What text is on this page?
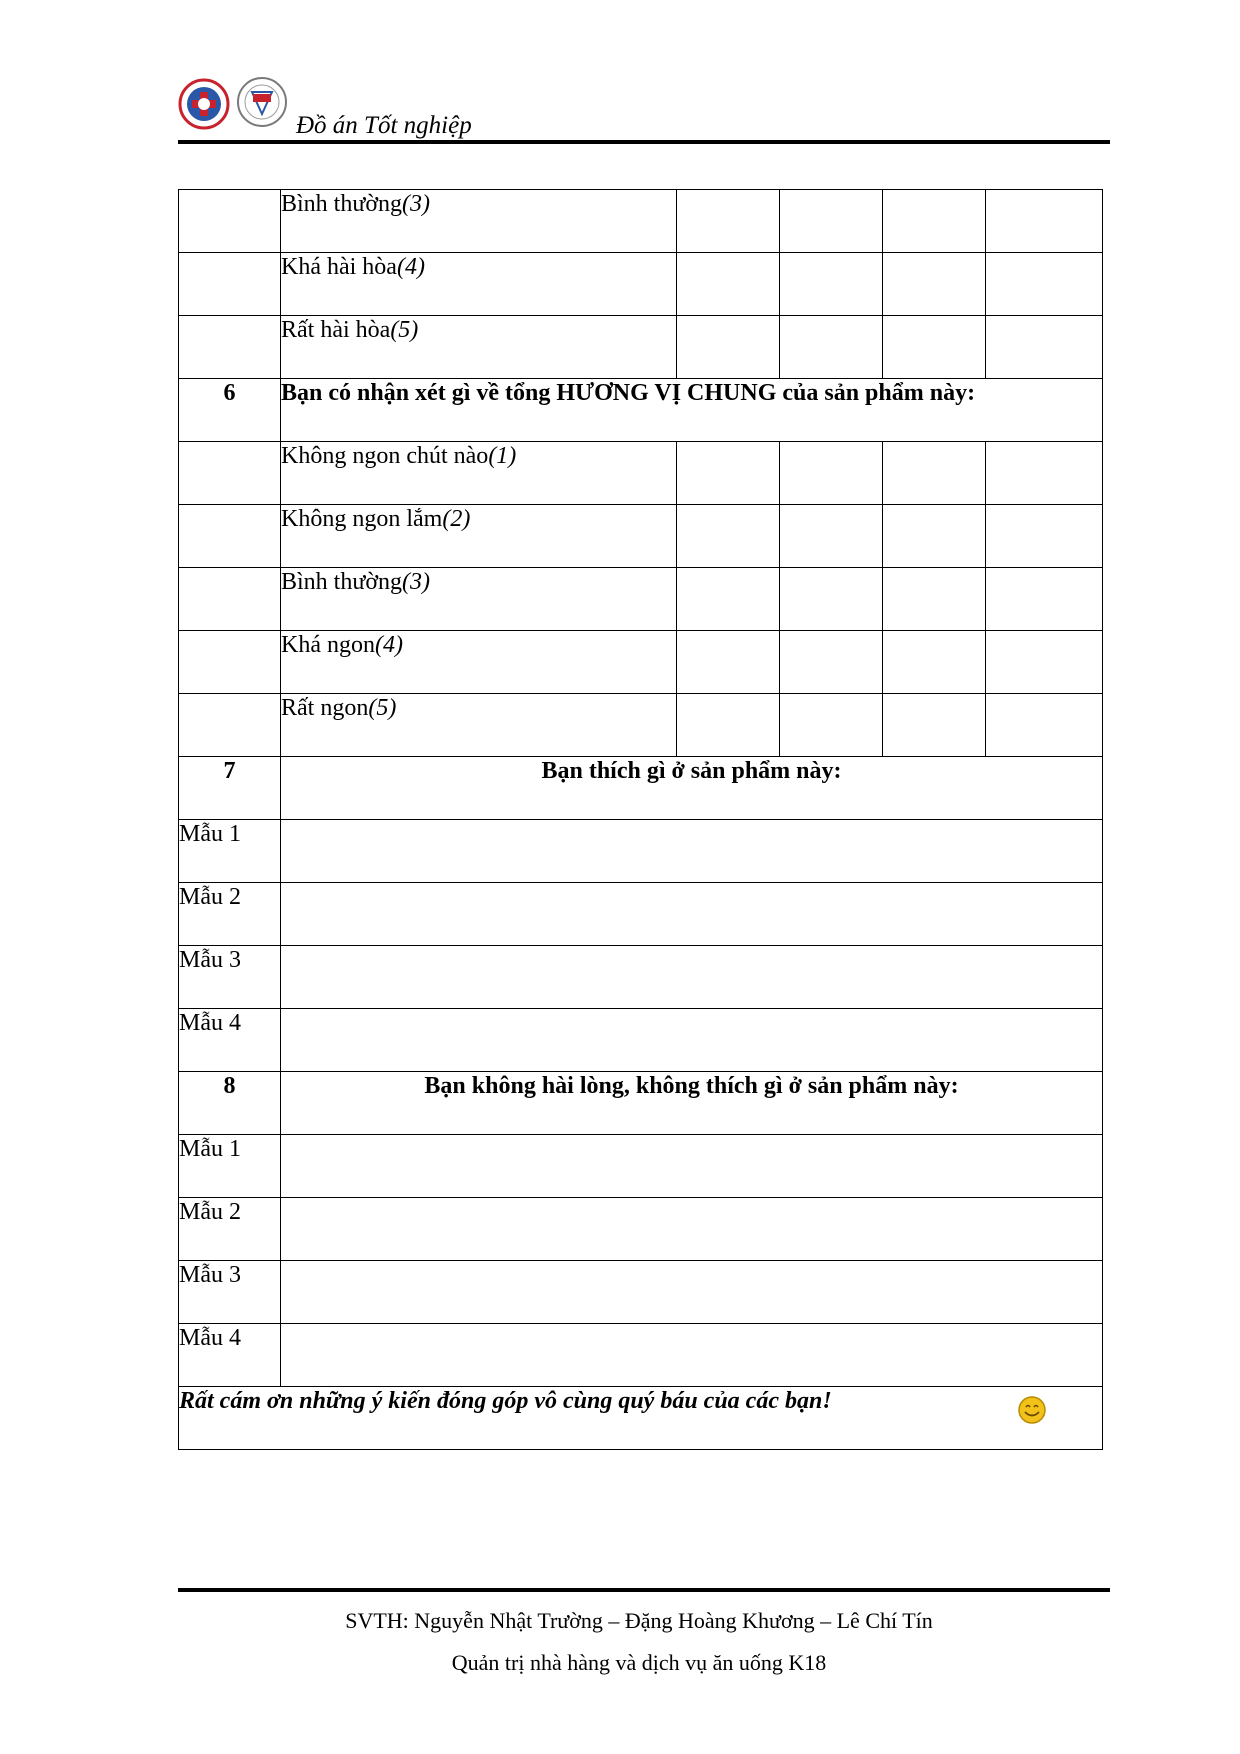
Đồ án Tốt nghiệp
	Bình thường(3)				
	Khá hài hòa(4)				
	Rất hài hòa(5)				
6	Bạn có nhận xét gì về tổng HƯƠNG VỊ CHUNG của sản phẩm này:				
	Không ngon chút nào(1)				
	Không ngon lắm(2)				
	Bình thường(3)				
	Khá ngon(4)				
	Rất ngon(5)				
7	Bạn thích gì ở sản phẩm này:				
Mẫu 1					
Mẫu 2					
Mẫu 3					
Mẫu 4					
8	Bạn không hài lòng, không thích gì ở sản phẩm này:				
Mẫu 1					
Mẫu 2					
Mẫu 3					
Mẫu 4					
Rất cám ơn những ý kiến đóng góp vô cùng quý báu của các bạn!					
SVTH: Nguyễn Nhật Trường – Đặng Hoàng Khương – Lê Chí Tín
Quản trị nhà hàng và dịch vụ ăn uống K18
